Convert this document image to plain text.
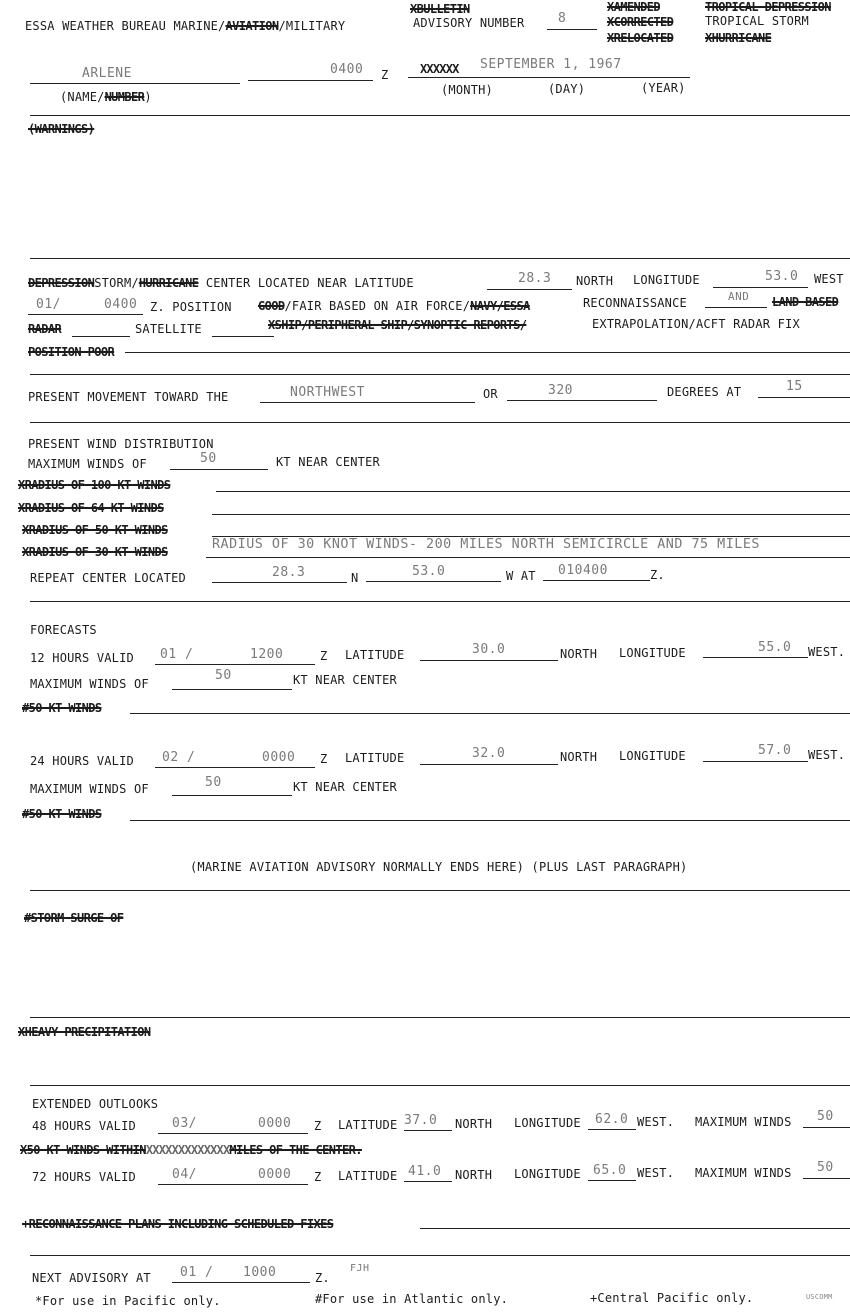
ESSA WEATHER BUREAU MARINE/AVIATION/MILITARY
XBULLETIN
ADVISORY NUMBER	8
XAMENDED
XCORRECTED
XRELOCATED
TROPICAL DEPRESSION
TROPICAL STORM
XHURRICANE
ARLENE	0400 Z	XXXXXX SEPTEMBER 1, 1967
(NAME/NUMBER)	(MONTH)	(DAY)	(YEAR)
(WARNINGS)
DEPRESSIONSTORM/HURRICANE CENTER LOCATED NEAR LATITUDE	28.3 NORTH LONGITUDE	53.0 WEST
01/	0400 Z. POSITION GOOD/FAIR BASED ON AIR FORCE/NAVY/ESSA	RECONNAISSANCE	AND LAND BASED
RADAR	SATELLITE	XSHIP/PERIPHERAL SHIP/SYNOPTIC REPORTS/	EXTRAPOLATION/ACFT RADAR FIX
POSITION POOR
PRESENT MOVEMENT TOWARD THE	NORTHWEST	OR	320	DEGREES AT	15
PRESENT WIND DISTRIBUTION
MAXIMUM WINDS OF	50	KT NEAR CENTER
XRADIUS OF 100 KT WINDS
XRADIUS OF 64 KT WINDS
XRADIUS OF 50 KT WINDS
XRADIUS OF 30 KT WINDS	RADIUS OF 30 KNOT WINDS- 200 MILES NORTH SEMICIRCLE AND 75 MILES
REPEAT CENTER LOCATED	28.3	N	53.0	W AT 010400	Z.
FORECASTS
12 HOURS VALID 01 /	1200	Z LATITUDE	30.0	NORTH LONGITUDE	55.0 WEST.
MAXIMUM WINDS OF
50	KT NEAR CENTER
#50 KT WINDS
24 HOURS VALID 02 /	0000 Z LATITUDE	32.0	NORTH LONGITUDE	57.0 WEST.
MAXIMUM WINDS OF	50	KT NEAR CENTER
#50 KT WINDS
(MARINE AVIATION ADVISORY NORMALLY ENDS HERE) (PLUS LAST PARAGRAPH)
#STORM SURGE OF
XHEAVY PRECIPITATION
EXTENDED OUTLOOKS
48 HOURS VALID	03/	0000 Z LATITUDE 37.0 NORTH LONGITUDE 62.0 WEST. MAXIMUM WINDS 50
X50 KT WINDS WITHINXXXXXXXXXXXXXMILES OF THE CENTER.
72 HOURS VALID	04/	0000 Z LATITUDE 41.0 NORTH LONGITUDE 65.0 WEST. MAXIMUM WINDS 50
+RECONNAISSANCE PLANS INCLUDING SCHEDULED FIXES
NEXT ADVISORY AT 01 / 1000	Z.
FJH
*For use in Pacific only.	#For use in Atlantic only.	+Central Pacific only.	USCOMM
